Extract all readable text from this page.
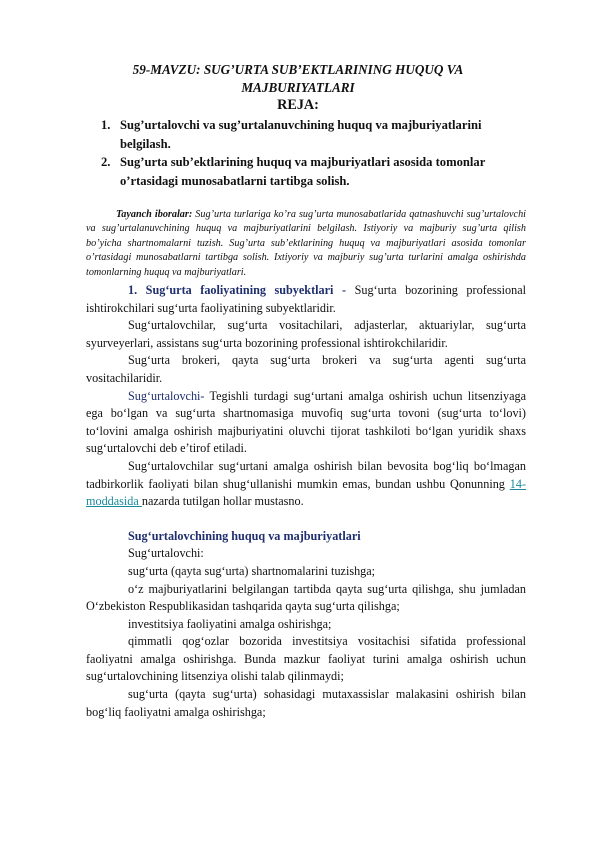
59-MAVZU: SUG’URTA SUB’EKTLARINING HUQUQ VA
MAJBURIYATLARI
REJA:
1. Sug’urtalovchi va sug’urtalanuvchining huquq va majburiyatlarini belgilash.
2. Sug’urta sub’ektlarining huquq va majburiyatlari asosida tomonlar o’rtasidagi munosabatlarni tartibga solish.
Tayanch iboralar: Sug’urta turlariga ko’ra sug’urta munosabatlarida qatnashuvchi sug’urtalovchi va sug’urtalanuvchining huquq va majburiyatlarini belgilash. Istiyoriy va majburiy sug’urta qilish bo’yicha shartnomalarni tuzish. Sug’urta sub’ektlarining huquq va majburiyatlari asosida tomonlar o’rtasidagi munosabatlarni tartibga solish. Ixtiyoriy va majburiy sug’urta turlarini amalga oshirishda tomonlarning huquq va majburiyatlari.

1. Sug‘urta faoliyatining subyektlari - Sug‘urta bozorining professional ishtirokchilari sug‘urta faoliyatining subyektlaridir.

Sug‘urtalovchilar, sug‘urta vositachilari, adjasterlar, aktuariylar, sug‘urta syurveyerlari, assistans sug‘urta bozorining professional ishtirokchilaridir.

Sug‘urta brokeri, qayta sug‘urta brokeri va sug‘urta agenti sug‘urta vositachilaridir.

Sug‘urtalovchi- Tegishli turdagi sug‘urtani amalga oshirish uchun litsenziyaga ega bo‘lgan va sug‘urta shartnomasiga muvofiq sug‘urta tovoni (sug‘urta to‘lovi) to‘lovini amalga oshirish majburiyatini oluvchi tijorat tashkiloti bo‘lgan yuridik shaxs sug‘urtalovchi deb e’tirof etiladi.

Sug‘urtalovchilar sug‘urtani amalga oshirish bilan bevosita bog‘liq bo‘lmagan tadbirkorlik faoliyati bilan shug‘ullanishi mumkin emas, bundan ushbu Qonunning 14-moddasida nazarda tutilgan hollar mustasno.

Sug‘urtalovchining huquq va majburiyatlari

Sug‘urtalovchi:

sug‘urta (qayta sug‘urta) shartnomalarini tuzishga;

o‘z majburiyatlarini belgilangan tartibda qayta sug‘urta qilishga, shu jumladan O‘zbekiston Respublikasidan tashqarida qayta sug‘urta qilishga;

investitsiya faoliyatini amalga oshirishga;

qimmatli qog‘ozlar bozorida investitsiya vositachisi sifatida professional faoliyatni amalga oshirishga. Bunda mazkur faoliyat turini amalga oshirish uchun sug‘urtalovchining litsenziya olishi talab qilinmaydi;

sug‘urta (qayta sug‘urta) sohasidagi mutaxassislar malakasini oshirish bilan bog‘liq faoliyatni amalga oshirishga;
